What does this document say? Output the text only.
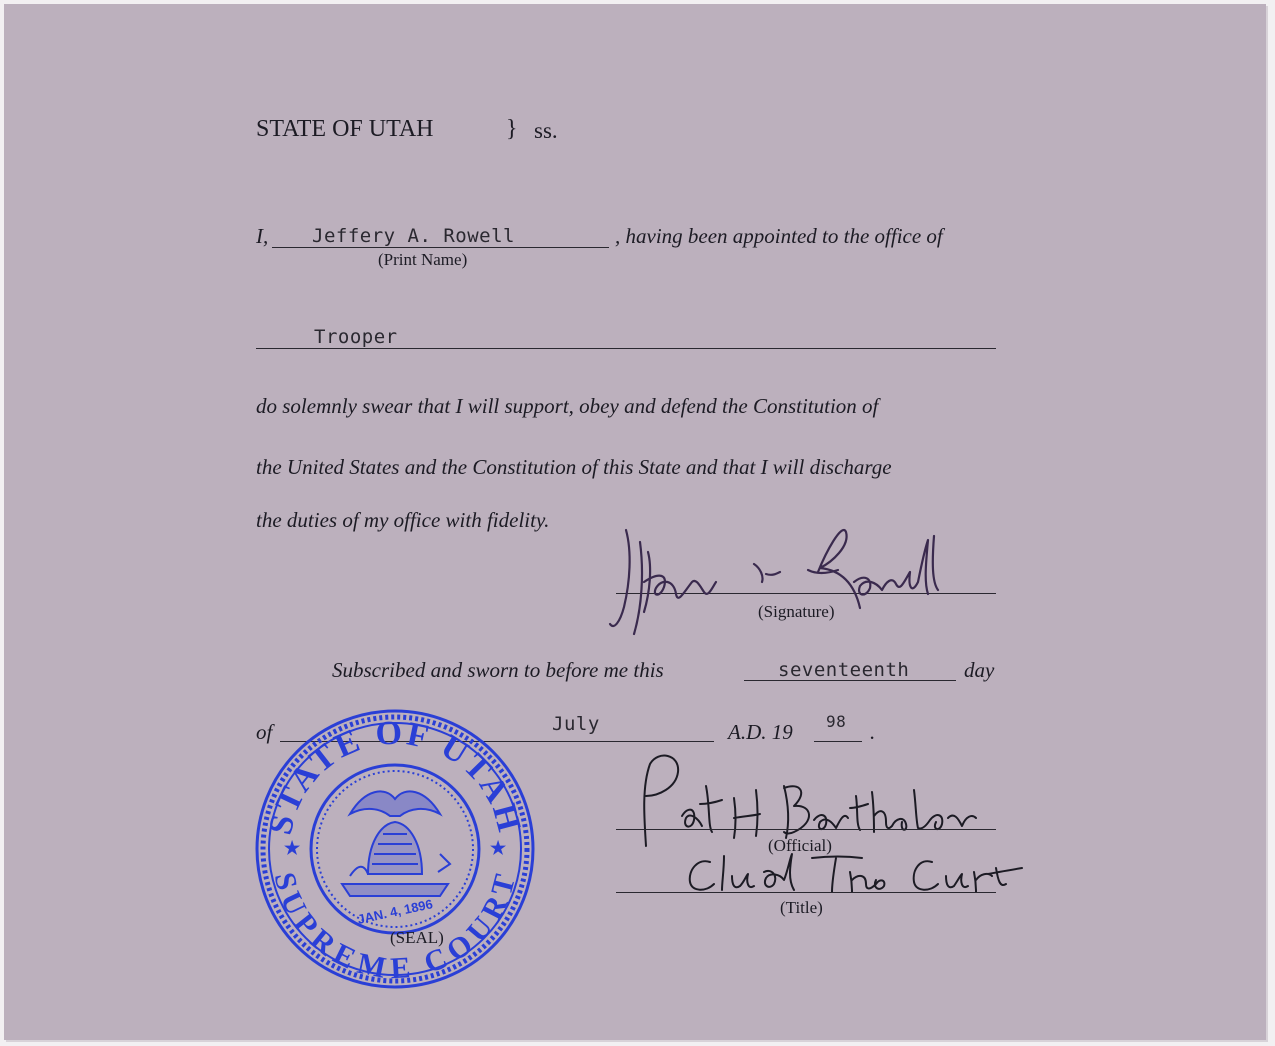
STATE OF UTAH	} ss.
I, Jeffery A. Rowell	, having been appointed to the office of
(Print Name)
Trooper
do solemnly swear that I will support, obey and defend the Constitution of
the United States and the Constitution of this State and that I will discharge
the duties of my office with fidelity.
(Signature)
Subscribed and sworn to before me this	seventeenth	day
of	July	A.D. 19 98 .
(Official)
(Title)
STATE OF UTAH
SUPREME COURT
★	★
JAN. 4, 1896
(SEAL)
